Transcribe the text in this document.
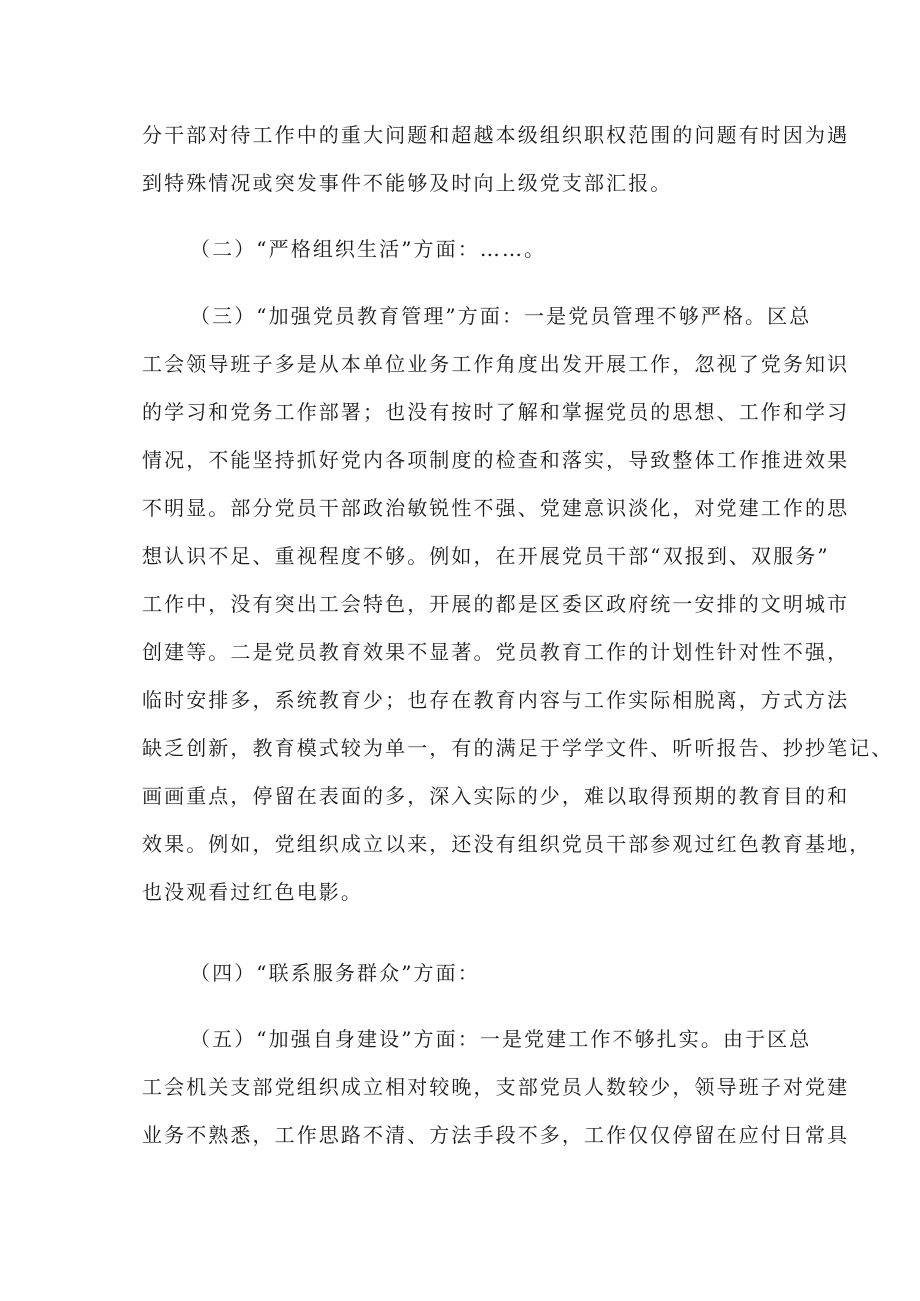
分干部对待工作中的重大问题和超越本级组织职权范围的问题有时因为遇
到特殊情况或突发事件不能够及时向上级党支部汇报。
（二）“严格组织生活”方面：……。
（三）“加强党员教育管理”方面：一是党员管理不够严格。区总
工会领导班子多是从本单位业务工作角度出发开展工作，忽视了党务知识
的学习和党务工作部署；也没有按时了解和掌握党员的思想、工作和学习
情况，不能坚持抓好党内各项制度的检查和落实，导致整体工作推进效果
不明显。部分党员干部政治敏锐性不强、党建意识淡化，对党建工作的思
想认识不足、重视程度不够。例如，在开展党员干部“双报到、双服务”
工作中，没有突出工会特色，开展的都是区委区政府统一安排的文明城市
创建等。二是党员教育效果不显著。党员教育工作的计划性针对性不强，
临时安排多，系统教育少；也存在教育内容与工作实际相脱离，方式方法
缺乏创新，教育模式较为单一，有的满足于学学文件、听听报告、抄抄笔记、
画画重点，停留在表面的多，深入实际的少，难以取得预期的教育目的和
效果。例如，党组织成立以来，还没有组织党员干部参观过红色教育基地，
也没观看过红色电影。
（四）“联系服务群众”方面：
（五）“加强自身建设”方面：一是党建工作不够扎实。由于区总
工会机关支部党组织成立相对较晚，支部党员人数较少，领导班子对党建
业务不熟悉，工作思路不清、方法手段不多，工作仅仅停留在应付日常具
